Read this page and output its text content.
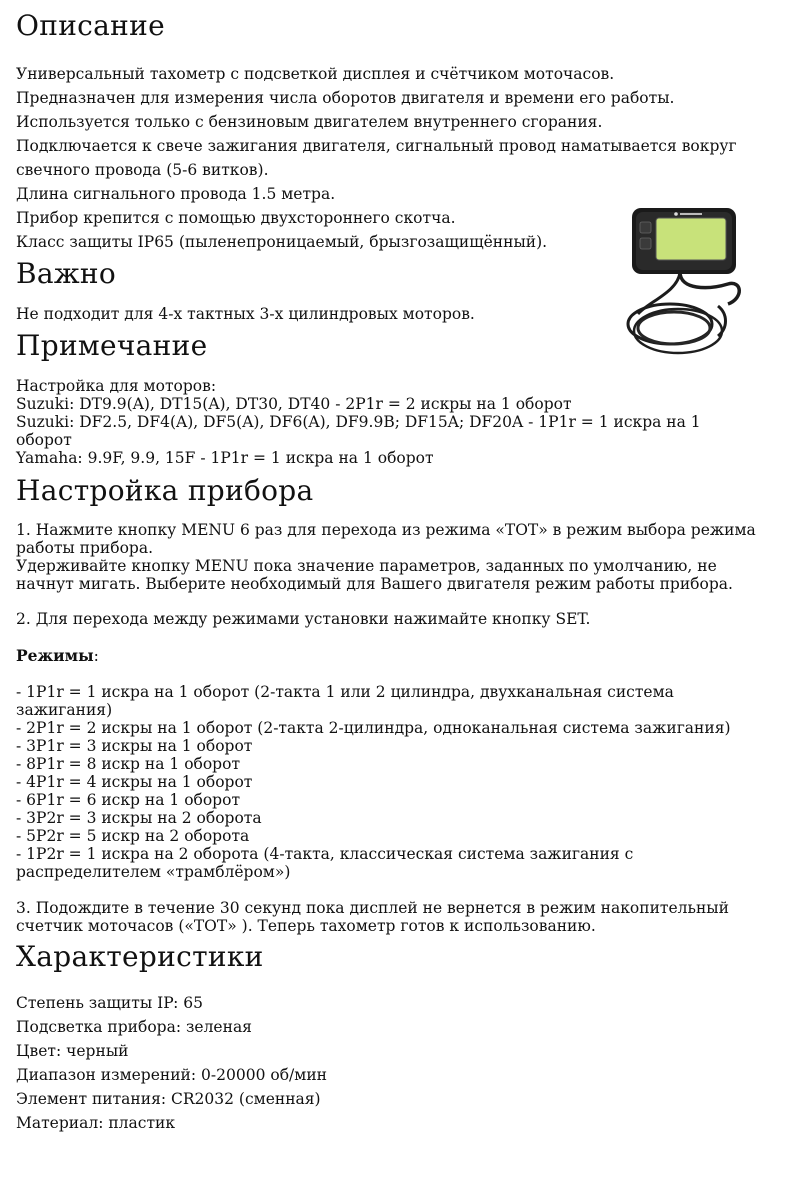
Описание
Универсальный тахометр с подсветкой дисплея и счётчиком моточасов.
Предназначен для измерения числа оборотов двигателя и времени его работы.
Используется только с бензиновым двигателем внутреннего сгорания.
Подключается к свече зажигания двигателя, сигнальный провод наматывается вокруг
свечного провода (5-6 витков).
Длина сигнального провода 1.5 метра.
Прибор крепится с помощью двухстороннего скотча.
Класс защиты IP65 (пыленепроницаемый, брызгозащищённый).
Важно
Не подходит для 4-х тактных 3-х цилиндровых моторов.
Примечание
Настройка для моторов:
Suzuki: DT9.9(A), DT15(A), DT30, DT40 - 2P1r = 2 искры на 1 оборот
Suzuki: DF2.5, DF4(A), DF5(A), DF6(A), DF9.9B; DF15A; DF20A - 1P1r = 1 искра на 1
оборот
Yamaha: 9.9F, 9.9, 15F - 1P1r = 1 искра на 1 оборот
Настройка прибора
1. Нажмите кнопку MENU 6 раз для перехода из режима «TOT» в режим выбора режима
работы прибора.
Удерживайте кнопку MENU пока значение параметров, заданных по умолчанию, не
начнут мигать. Выберите необходимый для Вашего двигателя режим работы прибора.
2. Для перехода между режимами установки нажимайте кнопку SET.
Режимы:
- 1P1r = 1 искра на 1 оборот (2-такта 1 или 2 цилиндра, двухканальная система
зажигания)
- 2P1r = 2 искры на 1 оборот (2-такта 2-цилиндра, одноканальная система зажигания)
- 3P1r = 3 искры на 1 оборот
- 8P1r = 8 искр на 1 оборот
- 4P1r = 4 искры на 1 оборот
- 6P1r = 6 искр на 1 оборот
- 3P2r = 3 искры на 2 оборота
- 5P2r = 5 искр на 2 оборота
- 1P2r = 1 искра на 2 оборота (4-такта, классическая система зажигания с
распределителем «трамблёром»)
3. Подождите в течение 30 секунд пока дисплей не вернется в режим накопительный
счетчик моточасов («TOT» ). Теперь тахометр готов к использованию.
Характеристики
Степень защиты IP: 65
Подсветка прибора: зеленая
Цвет: черный
Диапазон измерений: 0-20000 об/мин
Элемент питания: CR2032 (сменная)
Материал: пластик
